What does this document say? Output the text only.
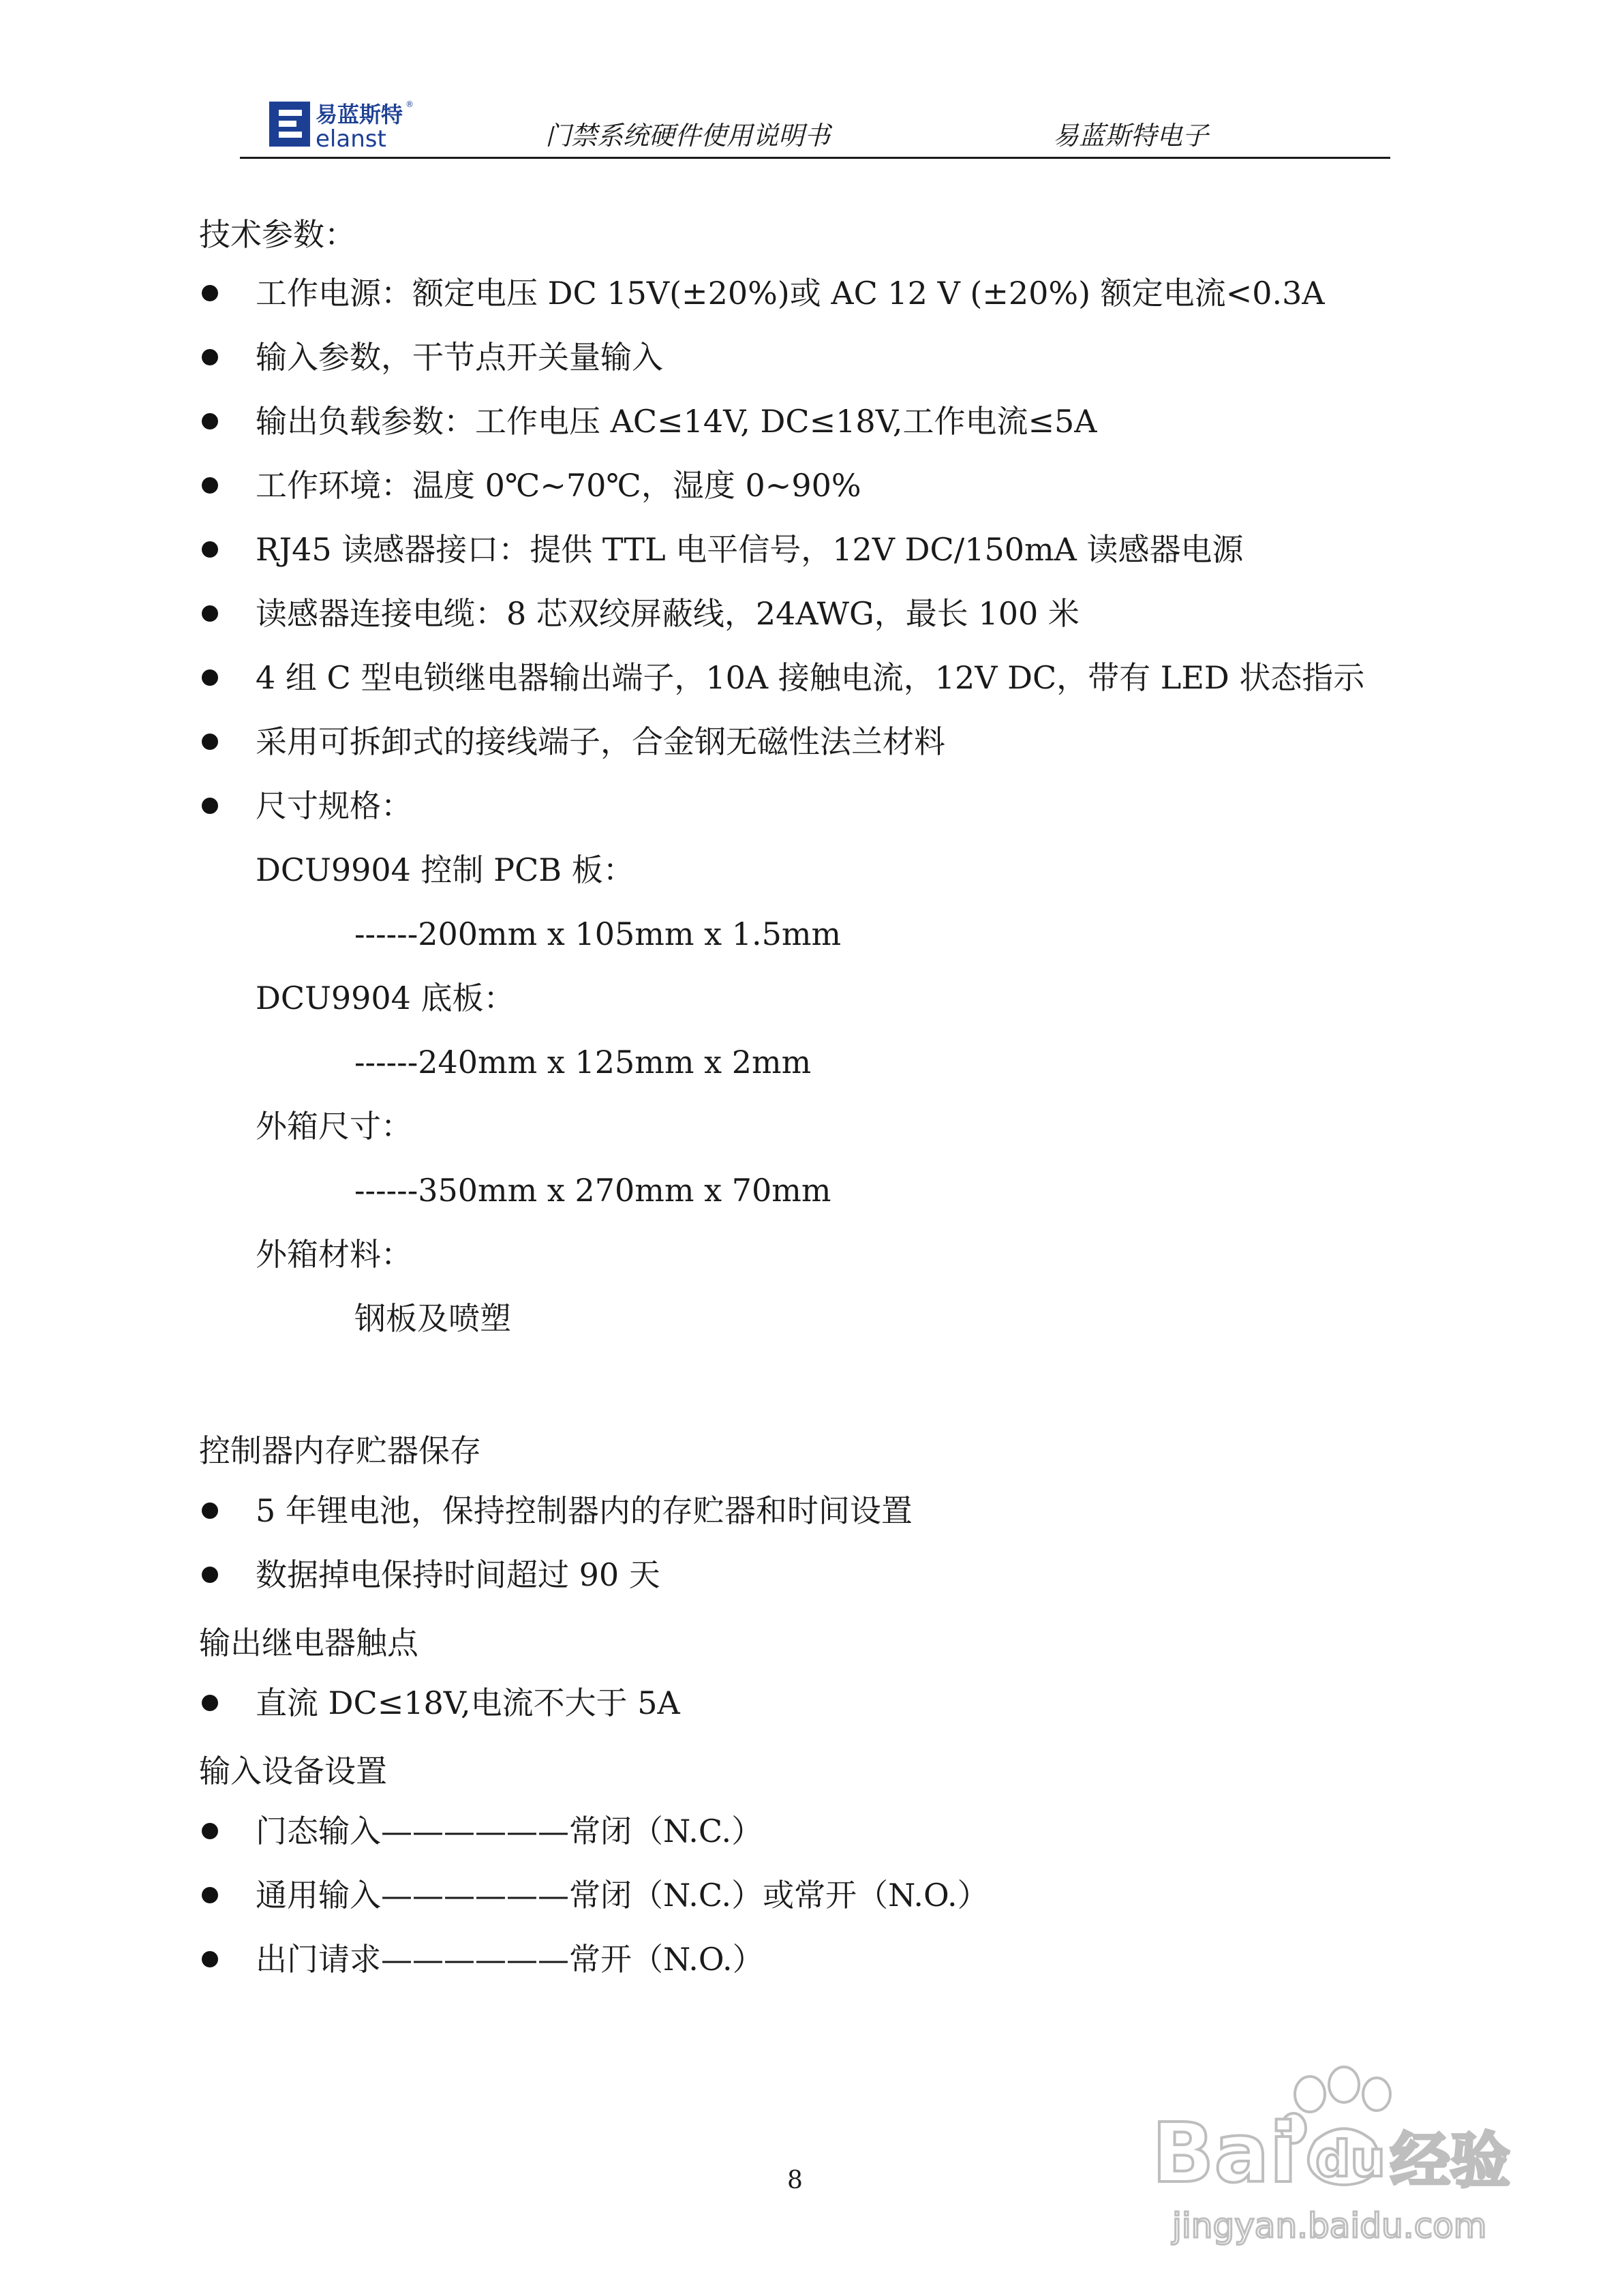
易蓝斯特
elanst
®
门禁系统硬件使用说明书	易蓝斯特电子
技术参数：
工作电源：额定电压 DC 15V(±20%)或 AC 12 V (±20%) 额定电流<0.3A
输入参数，干节点开关量输入
输出负载参数：工作电压 AC≤14V, DC≤18V,工作电流≤5A
工作环境：温度 0℃~70℃，湿度 0~90%
RJ45 读感器接口：提供 TTL 电平信号，12V DC/150mA 读感器电源
读感器连接电缆：8 芯双绞屏蔽线，24AWG，最长 100 米
4 组 C 型电锁继电器输出端子，10A 接触电流，12V DC，带有 LED 状态指示
采用可拆卸式的接线端子，合金钢无磁性法兰材料
尺寸规格：
DCU9904 控制 PCB 板：
------200mm x 105mm x 1.5mm
DCU9904 底板：
------240mm x 125mm x 2mm
外箱尺寸：
------350mm x 270mm x 70mm
外箱材料：
钢板及喷塑
控制器内存贮器保存
5 年锂电池，保持控制器内的存贮器和时间设置
数据掉电保持时间超过 90 天
输出继电器触点
直流 DC≤18V,电流不大于 5A
输入设备设置
门态输入——————常闭（N.C.）
通用输入——————常闭（N.C.）或常开（N.O.）
出门请求——————常开（N.O.）
8	Bai du 经验
jingyan.baidu.com
